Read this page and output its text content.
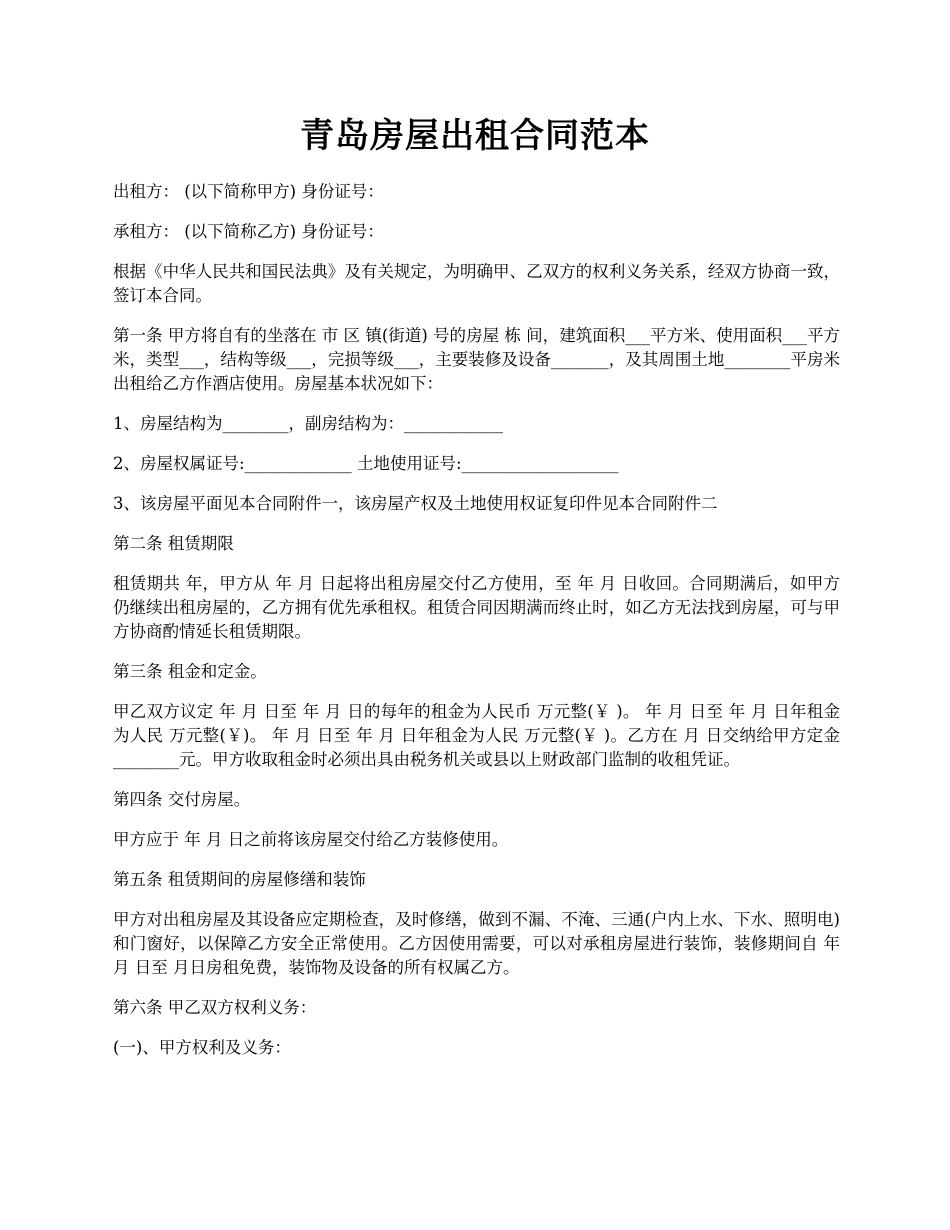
青岛房屋出租合同范本

出租方： (以下简称甲方) 身份证号：

承租方： (以下简称乙方) 身份证号：

根据《中华人民共和国民法典》及有关规定，为明确甲、乙双方的权利义务关系，经双方协商一致，签订本合同。

第一条 甲方将自有的坐落在 市 区 镇(街道) 号的房屋 栋 间，建筑面积___平方米、使用面积___平方米，类型___，结构等级___，完损等级___，主要装修及设备_______，及其周围土地________平房米出租给乙方作酒店使用。房屋基本状况如下：

1、房屋结构为________，副房结构为：____________

2、房屋权属证号:_____________ 土地使用证号:___________________

3、该房屋平面见本合同附件一，该房屋产权及土地使用权证复印件见本合同附件二

第二条 租赁期限

租赁期共 年，甲方从 年 月 日起将出租房屋交付乙方使用，至 年 月 日收回。合同期满后，如甲方仍继续出租房屋的，乙方拥有优先承租权。租赁合同因期满而终止时，如乙方无法找到房屋，可与甲方协商酌情延长租赁期限。

第三条 租金和定金。

甲乙双方议定 年 月 日至 年 月 日的每年的租金为人民币 万元整(￥ )。 年 月 日至 年 月 日年租金为人民 万元整(￥)。 年 月 日至 年 月 日年租金为人民 万元整(￥ )。乙方在 月 日交纳给甲方定金________元。甲方收取租金时必须出具由税务机关或县以上财政部门监制的收租凭证。

第四条 交付房屋。

甲方应于 年 月 日之前将该房屋交付给乙方装修使用。

第五条 租赁期间的房屋修缮和装饰

甲方对出租房屋及其设备应定期检查，及时修缮，做到不漏、不淹、三通(户内上水、下水、照明电)和门窗好，以保障乙方安全正常使用。乙方因使用需要，可以对承租房屋进行装饰，装修期间自 年 月 日至 月日房租免费，装饰物及设备的所有权属乙方。

第六条 甲乙双方权利义务：

(一)、甲方权利及义务：
